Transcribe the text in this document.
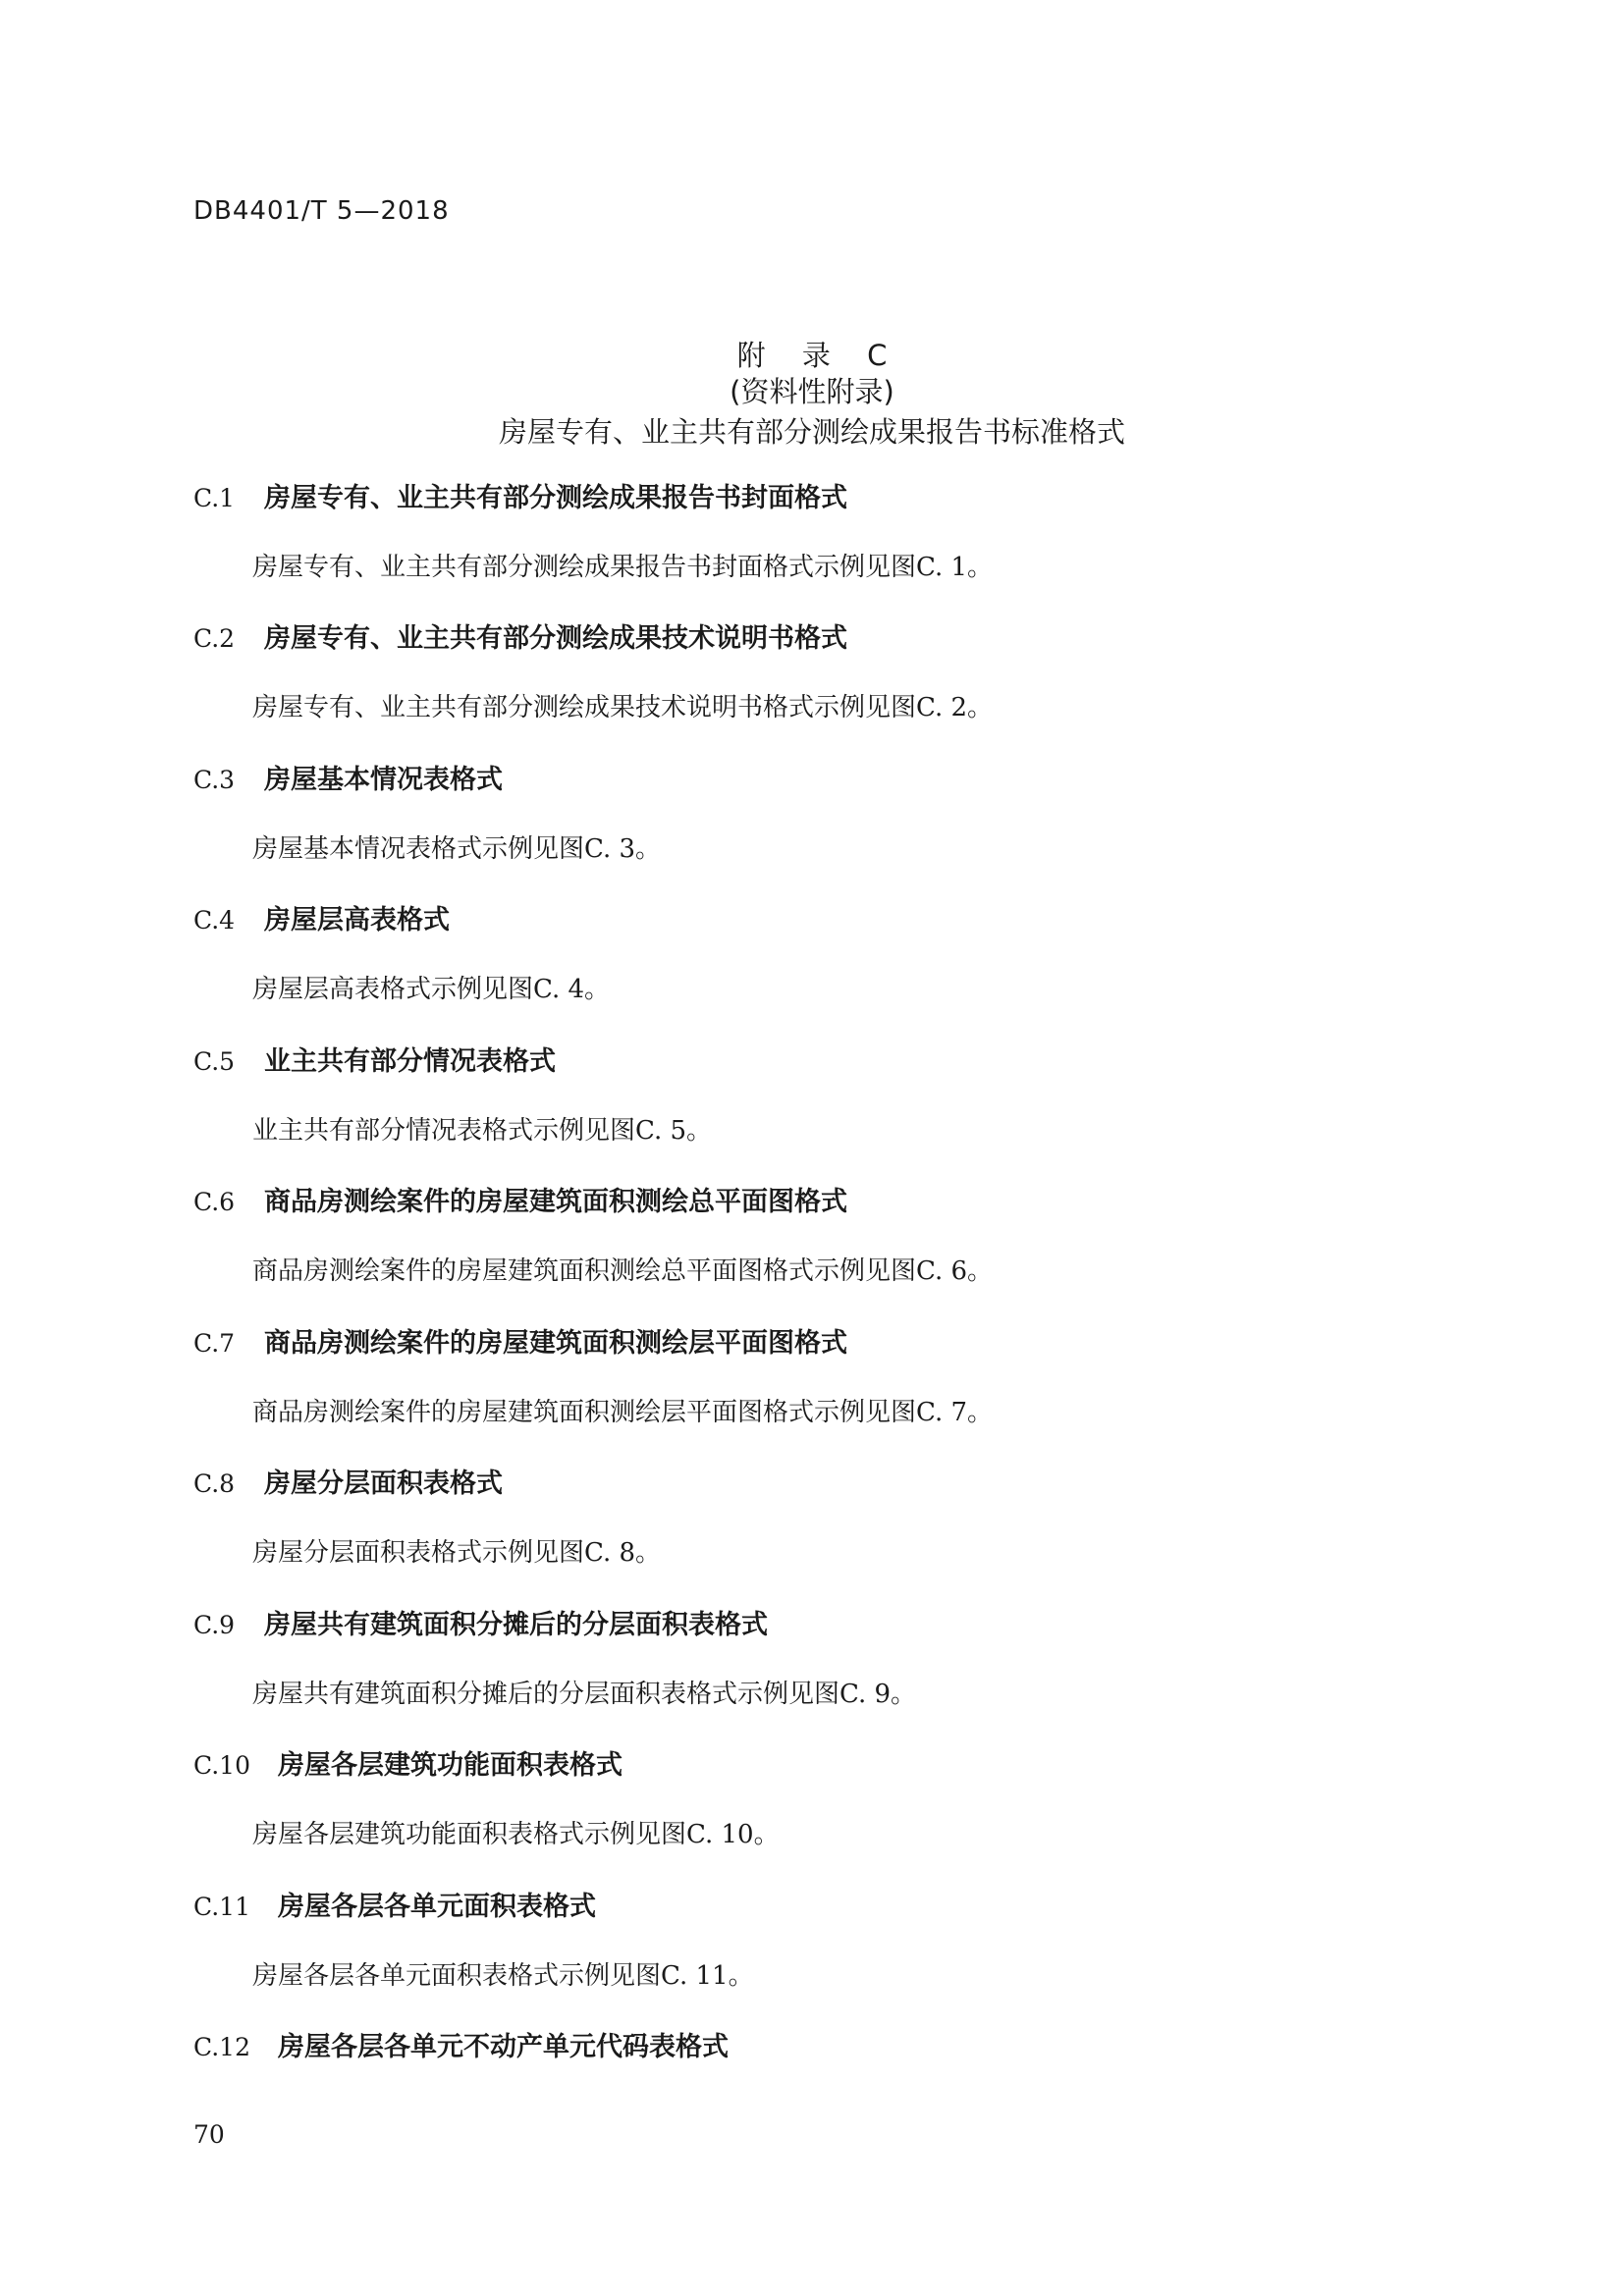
DB4401/T 5—2018
附 录 C
(资料性附录)
房屋专有、业主共有部分测绘成果报告书标准格式
C.1 房屋专有、业主共有部分测绘成果报告书封面格式
房屋专有、业主共有部分测绘成果报告书封面格式示例见图C. 1。
C.2 房屋专有、业主共有部分测绘成果技术说明书格式
房屋专有、业主共有部分测绘成果技术说明书格式示例见图C. 2。
C.3 房屋基本情况表格式
房屋基本情况表格式示例见图C. 3。
C.4 房屋层高表格式
房屋层高表格式示例见图C. 4。
C.5 业主共有部分情况表格式
业主共有部分情况表格式示例见图C. 5。
C.6 商品房测绘案件的房屋建筑面积测绘总平面图格式
商品房测绘案件的房屋建筑面积测绘总平面图格式示例见图C. 6。
C.7 商品房测绘案件的房屋建筑面积测绘层平面图格式
商品房测绘案件的房屋建筑面积测绘层平面图格式示例见图C. 7。
C.8 房屋分层面积表格式
房屋分层面积表格式示例见图C. 8。
C.9 房屋共有建筑面积分摊后的分层面积表格式
房屋共有建筑面积分摊后的分层面积表格式示例见图C. 9。
C.10 房屋各层建筑功能面积表格式
房屋各层建筑功能面积表格式示例见图C. 10。
C.11 房屋各层各单元面积表格式
房屋各层各单元面积表格式示例见图C. 11。
C.12 房屋各层各单元不动产单元代码表格式
70
